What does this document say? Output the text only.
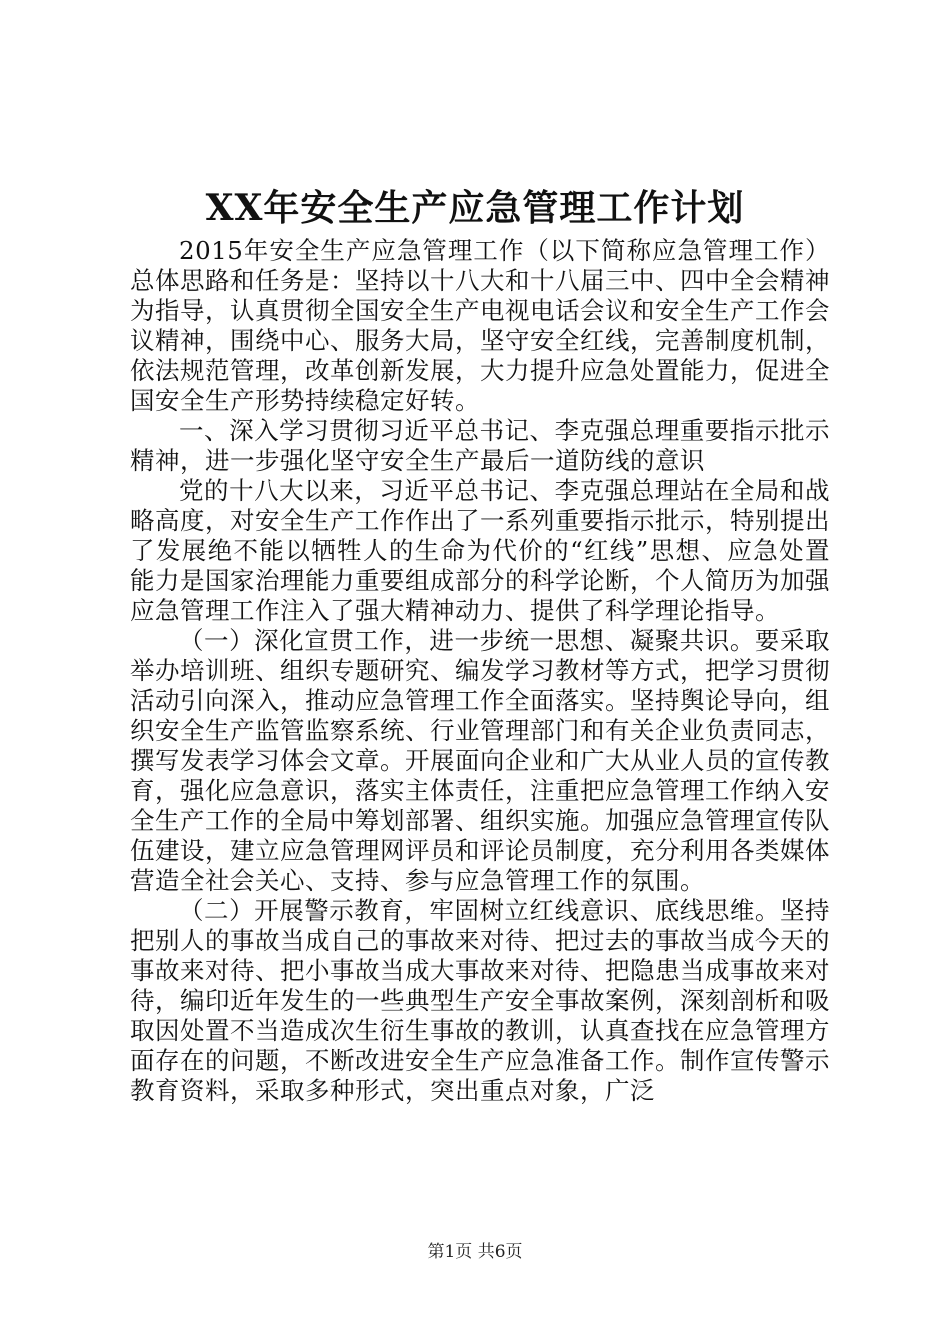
XX年安全生产应急管理工作计划

2015年安全生产应急管理工作（以下简称应急管理工作）总体思路和任务是：坚持以十八大和十八届三中、四中全会精神为指导，认真贯彻全国安全生产电视电话会议和安全生产工作会议精神，围绕中心、服务大局，坚守安全红线，完善制度机制，依法规范管理，改革创新发展，大力提升应急处置能力，促进全国安全生产形势持续稳定好转。

一、深入学习贯彻习近平总书记、李克强总理重要指示批示精神，进一步强化坚守安全生产最后一道防线的意识

党的十八大以来，习近平总书记、李克强总理站在全局和战略高度，对安全生产工作作出了一系列重要指示批示，特别提出了发展绝不能以牺牲人的生命为代价的“红线”思想、应急处置能力是国家治理能力重要组成部分的科学论断，个人简历为加强应急管理工作注入了强大精神动力、提供了科学理论指导。

（一）深化宣贯工作，进一步统一思想、凝聚共识。要采取举办培训班、组织专题研究、编发学习教材等方式，把学习贯彻活动引向深入，推动应急管理工作全面落实。坚持舆论导向，组织安全生产监管监察系统、行业管理部门和有关企业负责同志，撰写发表学习体会文章。开展面向企业和广大从业人员的宣传教育，强化应急意识，落实主体责任，注重把应急管理工作纳入安全生产工作的全局中筹划部署、组织实施。加强应急管理宣传队伍建设，建立应急管理网评员和评论员制度，充分利用各类媒体营造全社会关心、支持、参与应急管理工作的氛围。

（二）开展警示教育，牢固树立红线意识、底线思维。坚持把别人的事故当成自己的事故来对待、把过去的事故当成今天的事故来对待、把小事故当成大事故来对待、把隐患当成事故来对待，编印近年发生的一些典型生产安全事故案例，深刻剖析和吸取因处置不当造成次生衍生事故的教训，认真查找在应急管理方面存在的问题，不断改进安全生产应急准备工作。制作宣传警示教育资料，采取多种形式，突出重点对象，广泛

第1页 共6页
